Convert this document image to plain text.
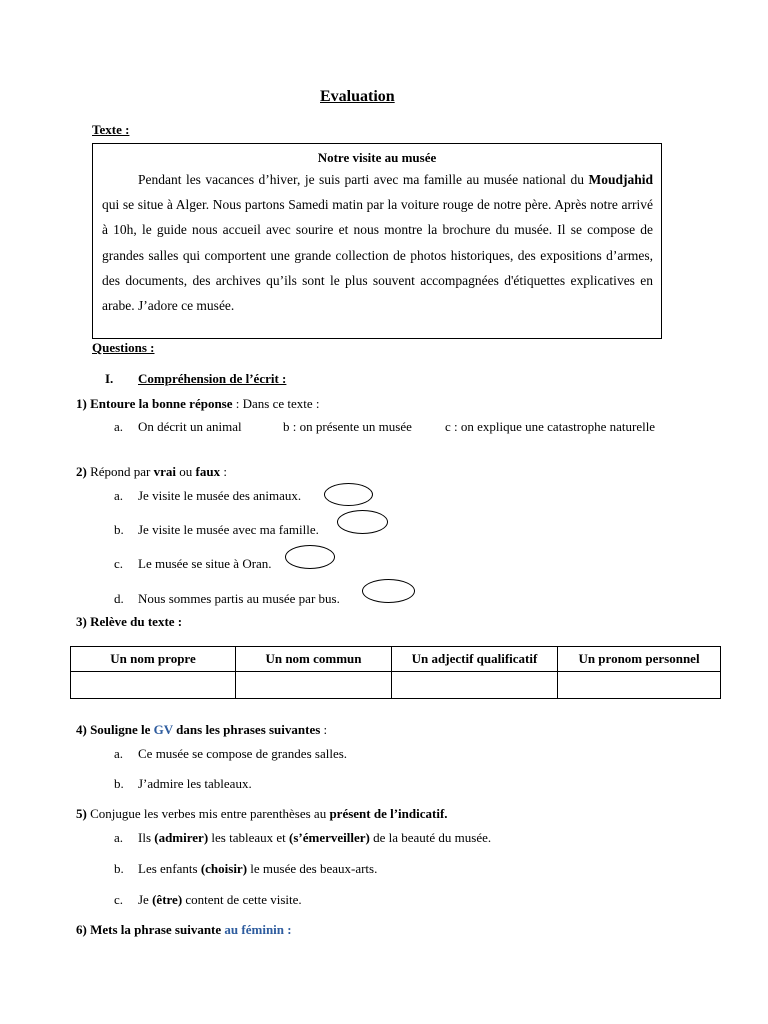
Evaluation
Texte :
Notre visite au musée
Pendant les vacances d’hiver, je suis parti avec ma famille au musée national du Moudjahid qui se situe à Alger. Nous partons Samedi matin par la voiture rouge de notre père. Après notre arrivé à 10h, le guide nous accueil avec sourire et nous montre la brochure du musée. Il se compose de grandes salles qui comportent une grande collection de photos historiques, des expositions d’armes, des documents, des archives qu’ils sont le plus souvent accompagnées d'étiquettes explicatives en arabe. J’adore ce musée.
Questions :
I. Compréhension de l’écrit :
1) Entoure la bonne réponse : Dans ce texte :
a. On décrit un animal	b : on présente un musée	c : on explique une catastrophe naturelle
2) Répond par vrai ou faux :
a. Je visite le musée des animaux.
b. Je visite le musée avec ma famille.
c. Le musée se situe à Oran.
d. Nous sommes partis au musée par bus.
3) Relève du texte :
Un nom propre	Un nom commun	Un adjectif qualificatif	Un pronom personnel

4) Souligne le GV dans les phrases suivantes :
a. Ce musée se compose de grandes salles.
b. J’admire les tableaux.
5) Conjugue les verbes mis entre parenthèses au présent de l’indicatif.
a. Ils (admirer) les tableaux et (s’émerveiller) de la beauté du musée.
b. Les enfants (choisir) le musée des beaux-arts.
c. Je (être) content de cette visite.
6) Mets la phrase suivante au féminin :
